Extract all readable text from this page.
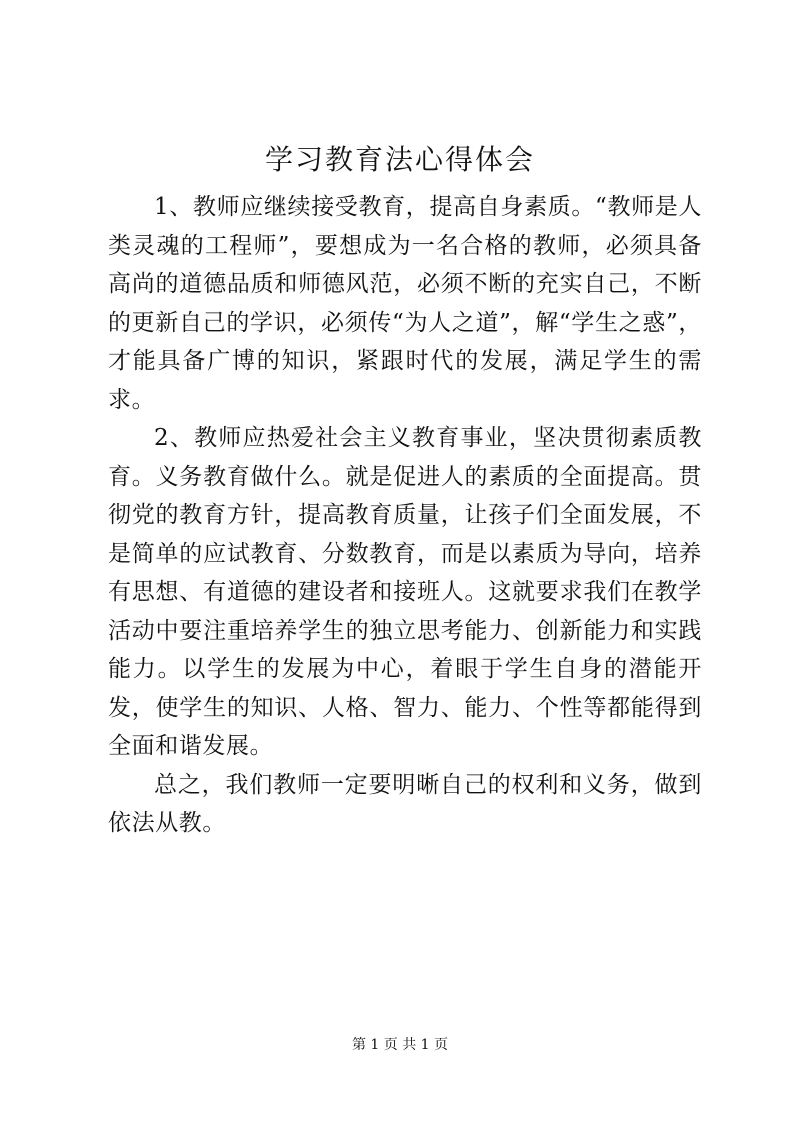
学习教育法心得体会

1、教师应继续接受教育，提高自身素质。“教师是人类灵魂的工程师”，要想成为一名合格的教师，必须具备高尚的道德品质和师德风范，必须不断的充实自己，不断的更新自己的学识，必须传“为人之道”，解“学生之惑”，才能具备广博的知识，紧跟时代的发展，满足学生的需求。

2、教师应热爱社会主义教育事业，坚决贯彻素质教育。义务教育做什么。就是促进人的素质的全面提高。贯彻党的教育方针，提高教育质量，让孩子们全面发展，不是简单的应试教育、分数教育，而是以素质为导向，培养有思想、有道德的建设者和接班人。这就要求我们在教学活动中要注重培养学生的独立思考能力、创新能力和实践能力。以学生的发展为中心，着眼于学生自身的潜能开发，使学生的知识、人格、智力、能力、个性等都能得到全面和谐发展。

总之，我们教师一定要明晰自己的权利和义务，做到依法从教。

第 1 页 共 1 页
